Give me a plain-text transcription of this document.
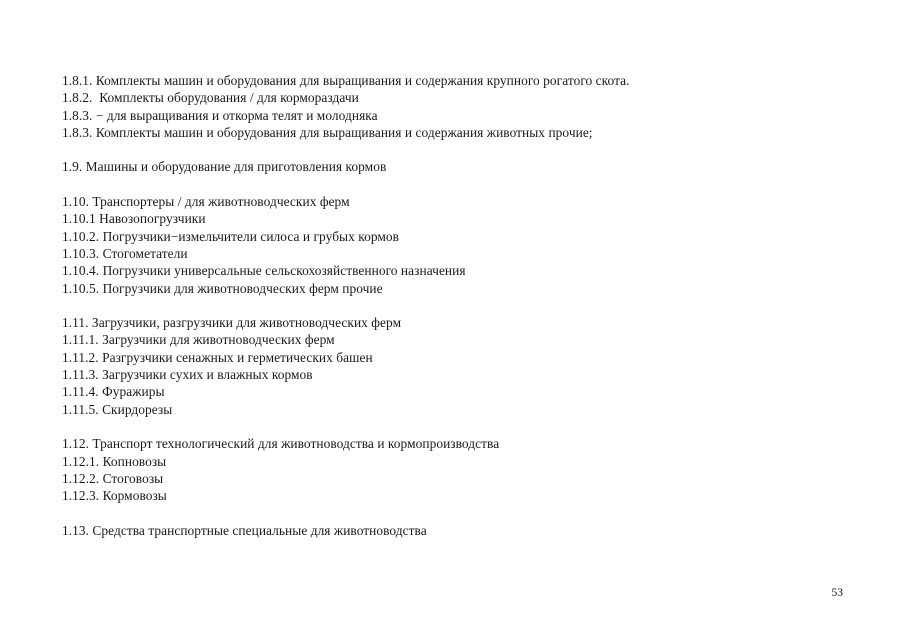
1.8.1. Комплекты машин и оборудования для выращивания и содержания крупного рогатого скота.
1.8.2.  Комплекты оборудования / для кормораздачи
1.8.3. − для выращивания и откорма телят и молодняка
1.8.3. Комплекты машин и оборудования для выращивания и содержания животных прочие;
1.9. Машины и оборудование для приготовления кормов
1.10. Транспортеры / для животноводческих ферм
1.10.1 Навозопогрузчики
1.10.2. Погрузчики−измельчители силоса и грубых кормов
1.10.3. Стогометатели
1.10.4. Погрузчики универсальные сельскохозяйственного назначения
1.10.5. Погрузчики для животноводческих ферм прочие
1.11. Загрузчики, разгрузчики для животноводческих ферм
1.11.1. Загрузчики для животноводческих ферм
1.11.2. Разгрузчики сенажных и герметических башен
1.11.3. Загрузчики сухих и влажных кормов
1.11.4. Фуражиры
1.11.5. Скирдорезы
1.12. Транспорт технологический для животноводства и кормопроизводства
1.12.1. Копновозы
1.12.2. Стоговозы
1.12.3. Кормовозы
1.13. Средства транспортные специальные для животноводства
53
